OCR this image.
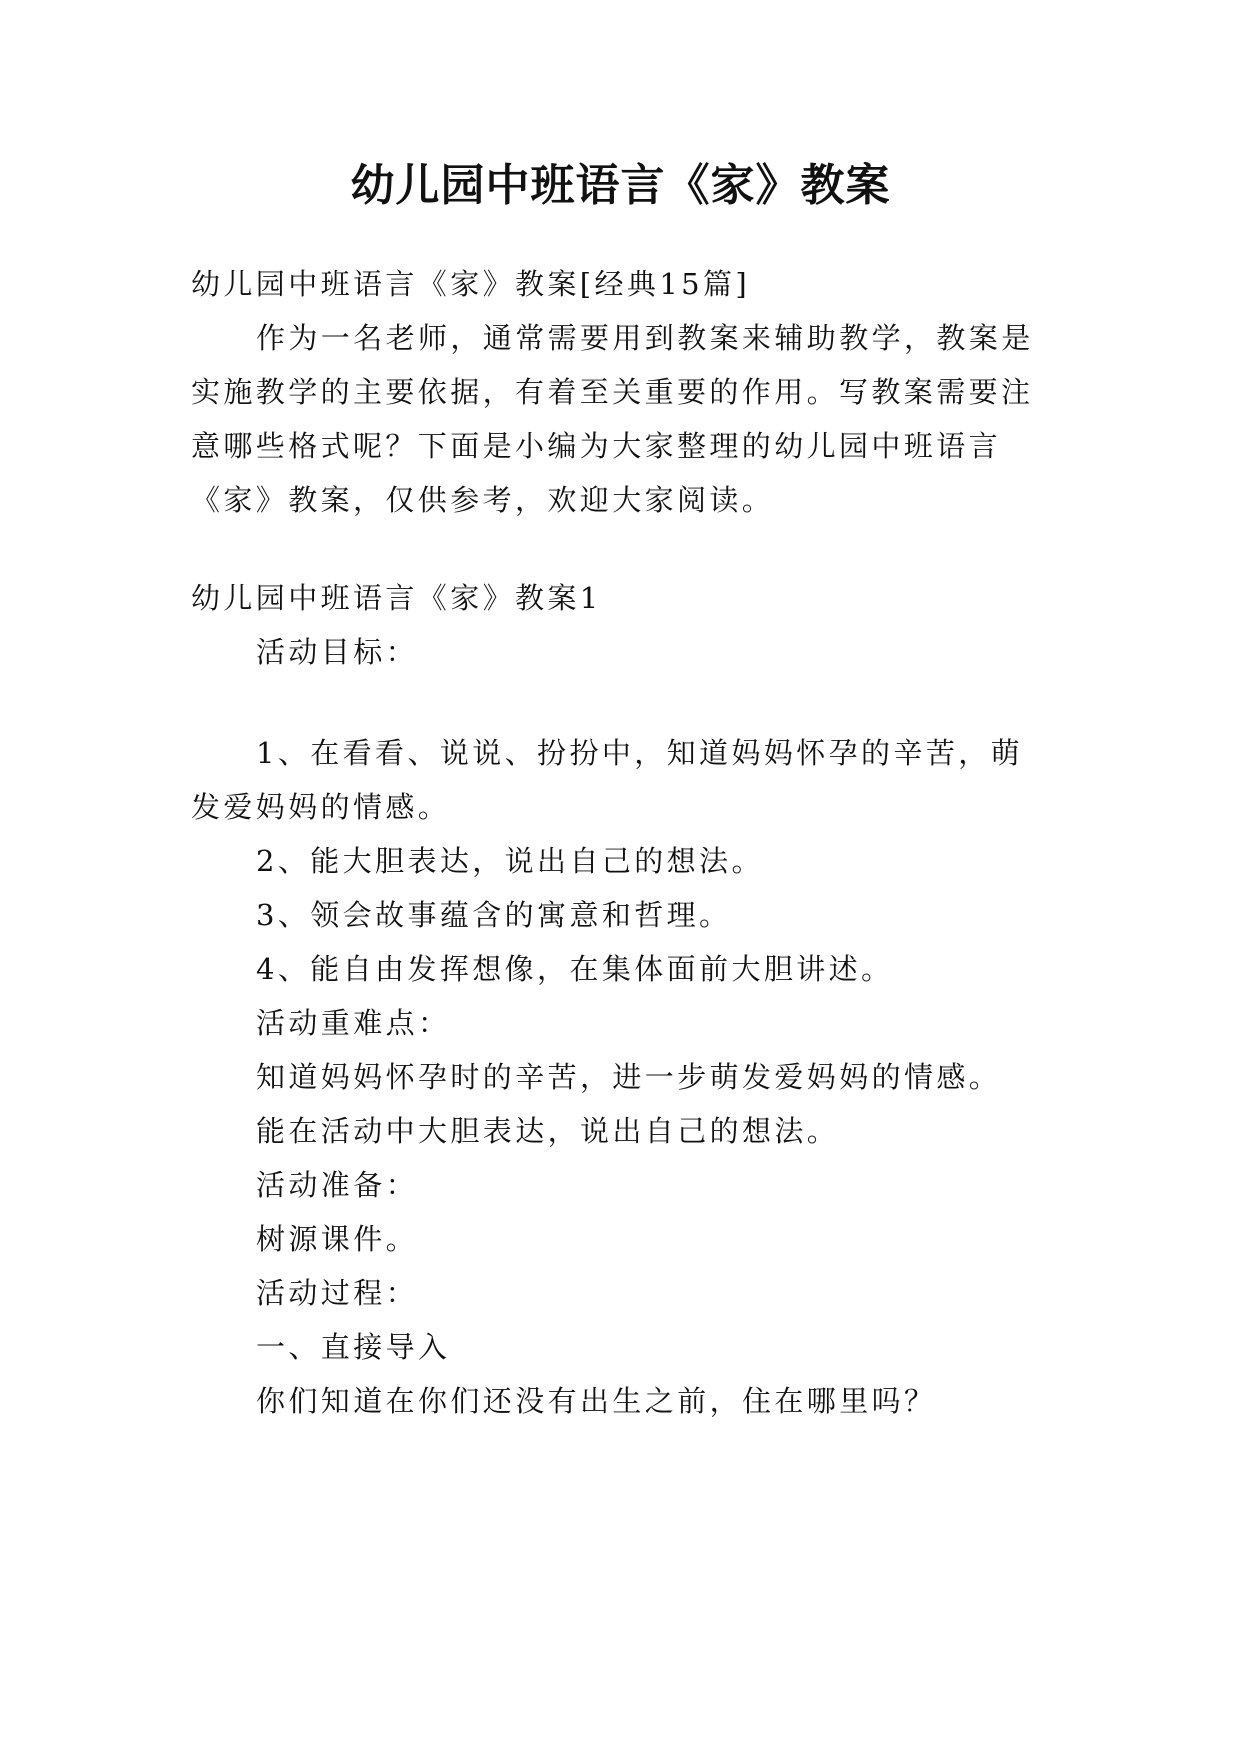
幼儿园中班语言《家》教案
幼儿园中班语言《家》教案[经典15篇]
作为一名老师，通常需要用到教案来辅助教学，教案是
实施教学的主要依据，有着至关重要的作用。写教案需要注
意哪些格式呢？下面是小编为大家整理的幼儿园中班语言
《家》教案，仅供参考，欢迎大家阅读。
幼儿园中班语言《家》教案1
活动目标：
1、在看看、说说、扮扮中，知道妈妈怀孕的辛苦，萌
发爱妈妈的情感。
2、能大胆表达，说出自己的想法。
3、领会故事蕴含的寓意和哲理。
4、能自由发挥想像，在集体面前大胆讲述。
活动重难点：
知道妈妈怀孕时的辛苦，进一步萌发爱妈妈的情感。
能在活动中大胆表达，说出自己的想法。
活动准备：
树源课件。
活动过程：
一、直接导入
你们知道在你们还没有出生之前，住在哪里吗？
